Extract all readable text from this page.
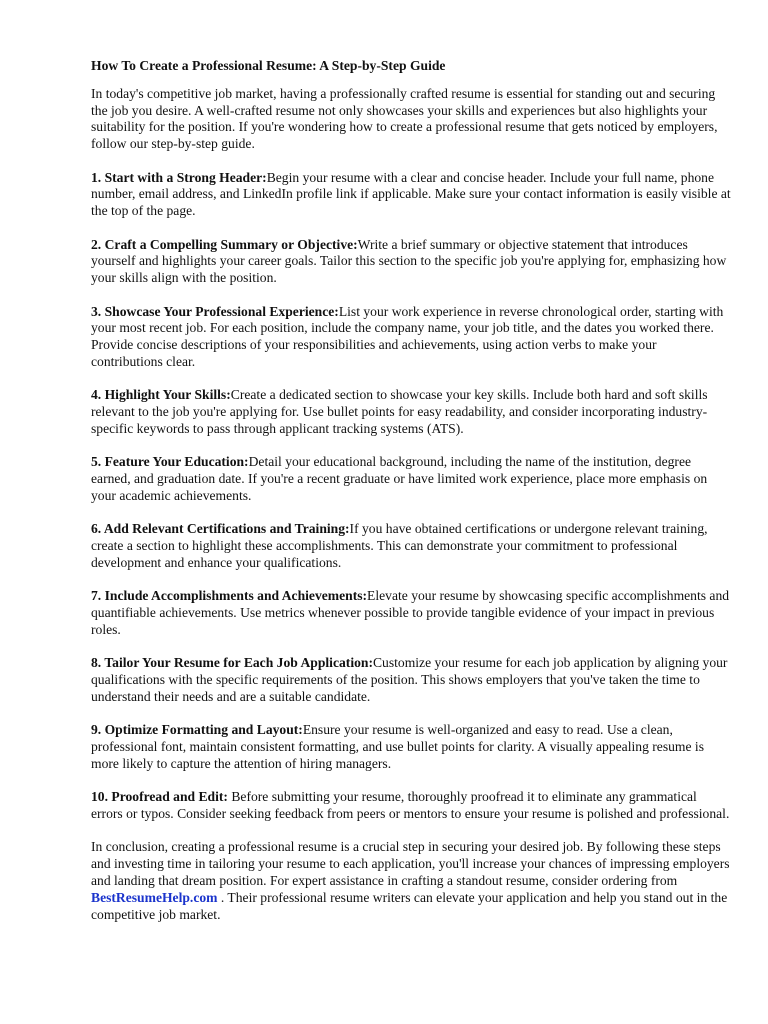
How To Create a Professional Resume: A Step-by-Step Guide

In today's competitive job market, having a professionally crafted resume is essential for standing out and securing the job you desire. A well-crafted resume not only showcases your skills and experiences but also highlights your suitability for the position. If you're wondering how to create a professional resume that gets noticed by employers, follow our step-by-step guide.

1. Start with a Strong Header:Begin your resume with a clear and concise header. Include your full name, phone number, email address, and LinkedIn profile link if applicable. Make sure your contact information is easily visible at the top of the page.

2. Craft a Compelling Summary or Objective:Write a brief summary or objective statement that introduces yourself and highlights your career goals. Tailor this section to the specific job you're applying for, emphasizing how your skills align with the position.

3. Showcase Your Professional Experience:List your work experience in reverse chronological order, starting with your most recent job. For each position, include the company name, your job title, and the dates you worked there. Provide concise descriptions of your responsibilities and achievements, using action verbs to make your contributions clear.

4. Highlight Your Skills:Create a dedicated section to showcase your key skills. Include both hard and soft skills relevant to the job you're applying for. Use bullet points for easy readability, and consider incorporating industry-specific keywords to pass through applicant tracking systems (ATS).

5. Feature Your Education:Detail your educational background, including the name of the institution, degree earned, and graduation date. If you're a recent graduate or have limited work experience, place more emphasis on your academic achievements.

6. Add Relevant Certifications and Training:If you have obtained certifications or undergone relevant training, create a section to highlight these accomplishments. This can demonstrate your commitment to professional development and enhance your qualifications.

7. Include Accomplishments and Achievements:Elevate your resume by showcasing specific accomplishments and quantifiable achievements. Use metrics whenever possible to provide tangible evidence of your impact in previous roles.

8. Tailor Your Resume for Each Job Application:Customize your resume for each job application by aligning your qualifications with the specific requirements of the position. This shows employers that you've taken the time to understand their needs and are a suitable candidate.

9. Optimize Formatting and Layout:Ensure your resume is well-organized and easy to read. Use a clean, professional font, maintain consistent formatting, and use bullet points for clarity. A visually appealing resume is more likely to capture the attention of hiring managers.

10. Proofread and Edit: Before submitting your resume, thoroughly proofread it to eliminate any grammatical errors or typos. Consider seeking feedback from peers or mentors to ensure your resume is polished and professional.

In conclusion, creating a professional resume is a crucial step in securing your desired job. By following these steps and investing time in tailoring your resume to each application, you'll increase your chances of impressing employers and landing that dream position. For expert assistance in crafting a standout resume, consider ordering from BestResumeHelp.com . Their professional resume writers can elevate your application and help you stand out in the competitive job market.
